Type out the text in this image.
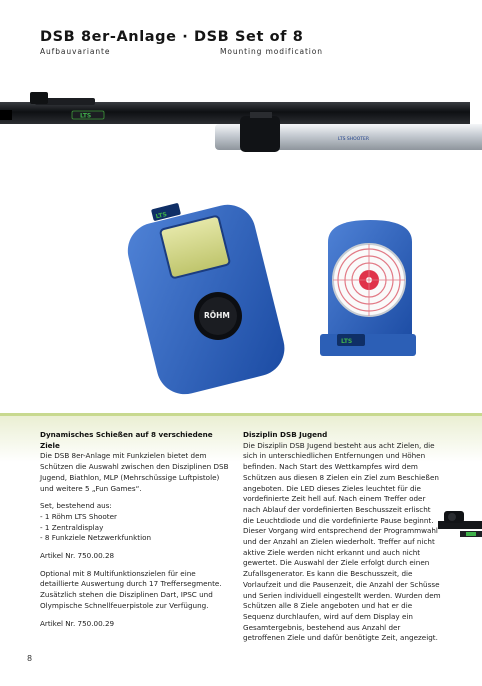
DSB 8er-Anlage · DSB Set of 8
Aufbauvariante	Mounting modification
LTS
LTS SHOOTER
LTS
RÖHM
LTS

Dynamisches Schießen auf 8 verschiedene Ziele

Die DSB 8er-Anlage mit Funkzielen bietet dem Schützen die Auswahl zwischen den Disziplinen DSB Jugend, Biathlon, MLP (Mehrschüssige Luftpistole) und weitere 5 „Fun Games“.

Set, bestehend aus:

- 1 Röhm LTS Shooter

- 1 Zentraldisplay

- 8 Funkziele Netzwerkfunktion

Artikel Nr. 750.00.28

Optional mit 8 Multifunktionszielen für eine detaillierte Auswertung durch 17 Treffersegmente. Zusätzlich stehen die Disziplinen Dart, IPSC und Olympische Schnellfeuerpistole zur Verfügung.

Artikel Nr. 750.00.29

Disziplin DSB Jugend

Die Disziplin DSB Jugend besteht aus acht Zielen, die sich in unterschiedlichen Entfernungen und Höhen befinden. Nach Start des Wettkampfes wird dem Schützen aus diesen 8 Zielen ein Ziel zum Beschießen angeboten. Die LED dieses Zieles leuchtet für die vordefinierte Zeit hell auf. Nach einem Treffer oder nach Ablauf der vordefinierten Beschusszeit erlischt die Leuchtdiode und die vordefinierte Pause beginnt. Dieser Vorgang wird entsprechend der Programmwahl und der Anzahl an Zielen wiederholt. Treffer auf nicht aktive Ziele werden nicht erkannt und auch nicht gewertet. Die Auswahl der Ziele erfolgt durch einen Zufallsgenerator. Es kann die Beschusszeit, die Vorlaufzeit und die Pausenzeit, die Anzahl der Schüsse und Serien individuell eingestellt werden. Wurden dem Schützen alle 8 Ziele angeboten und hat er die Sequenz durchlaufen, wird auf dem Display ein Gesamtergebnis, bestehend aus Anzahl der getroffenen Ziele und dafür benötigte Zeit, angezeigt.

8
